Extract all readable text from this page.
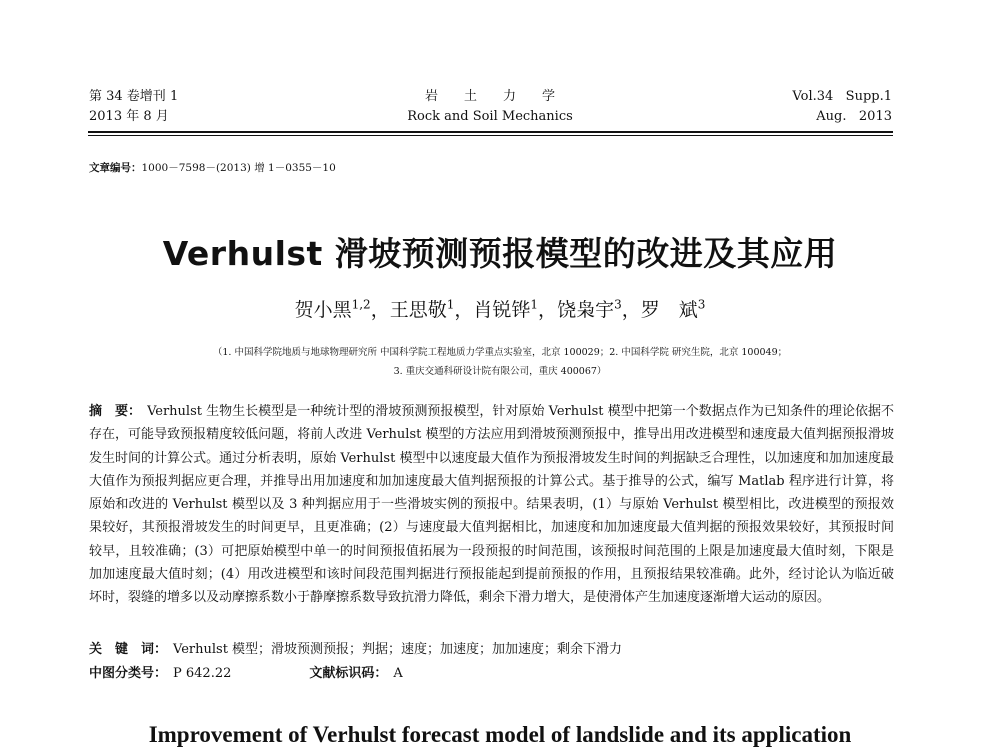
第 34 卷增刊 1
2013 年 8 月
岩土力学
Rock and Soil Mechanics
Vol.34   Supp.1
Aug.   2013
文章编号：1000－7598－(2013) 增 1－0355－10
Verhulst 滑坡预测预报模型的改进及其应用
贺小黑$^{1,2}$，王思敬$^1$，肖锐铧$^1$，饶枭宇$^3$，罗　斌$^3$
（1. 中国科学院地质与地球物理研究所 中国科学院工程地质力学重点实验室，北京 100029；2. 中国科学院 研究生院，北京 100049；
3. 重庆交通科研设计院有限公司，重庆 400067）
摘　要： Verhulst 生物生长模型是一种统计型的滑坡预测预报模型，针对原始 Verhulst 模型中把第一个数据点作为已知条件的理论依据不存在，可能导致预报精度较低问题，将前人改进 Verhulst 模型的方法应用到滑坡预测预报中，推导出用改进模型和速度最大值判据预报滑坡发生时间的计算公式。通过分析表明，原始 Verhulst 模型中以速度最大值作为预报滑坡发生时间的判据缺乏合理性，以加速度和加加速度最大值作为预报判据应更合理，并推导出用加速度和加加速度最大值判据预报的计算公式。基于推导的公式，编写 Matlab 程序进行计算，将原始和改进的 Verhulst 模型以及 3 种判据应用于一些滑坡实例的预报中。结果表明，(1）与原始 Verhulst 模型相比，改进模型的预报效果较好，其预报滑坡发生的时间更早，且更准确；(2）与速度最大值判据相比，加速度和加加速度最大值判据的预报效果较好，其预报时间较早，且较准确；(3）可把原始模型中单一的时间预报值拓展为一段预报的时间范围，该预报时间范围的上限是加速度最大值时刻，下限是加加速度最大值时刻；(4）用改进模型和该时间段范围判据进行预报能起到提前预报的作用，且预报结果较准确。此外，经讨论认为临近破坏时，裂缝的增多以及动摩擦系数小于静摩擦系数导致抗滑力降低，剩余下滑力增大，是使滑体产生加速度逐渐增大运动的原因。
关　键　词： Verhulst 模型；滑坡预测预报；判据；速度；加速度；加加速度；剩余下滑力
中图分类号： P 642.22	文献标识码： A
Improvement of Verhulst forecast model of landslide and its application
